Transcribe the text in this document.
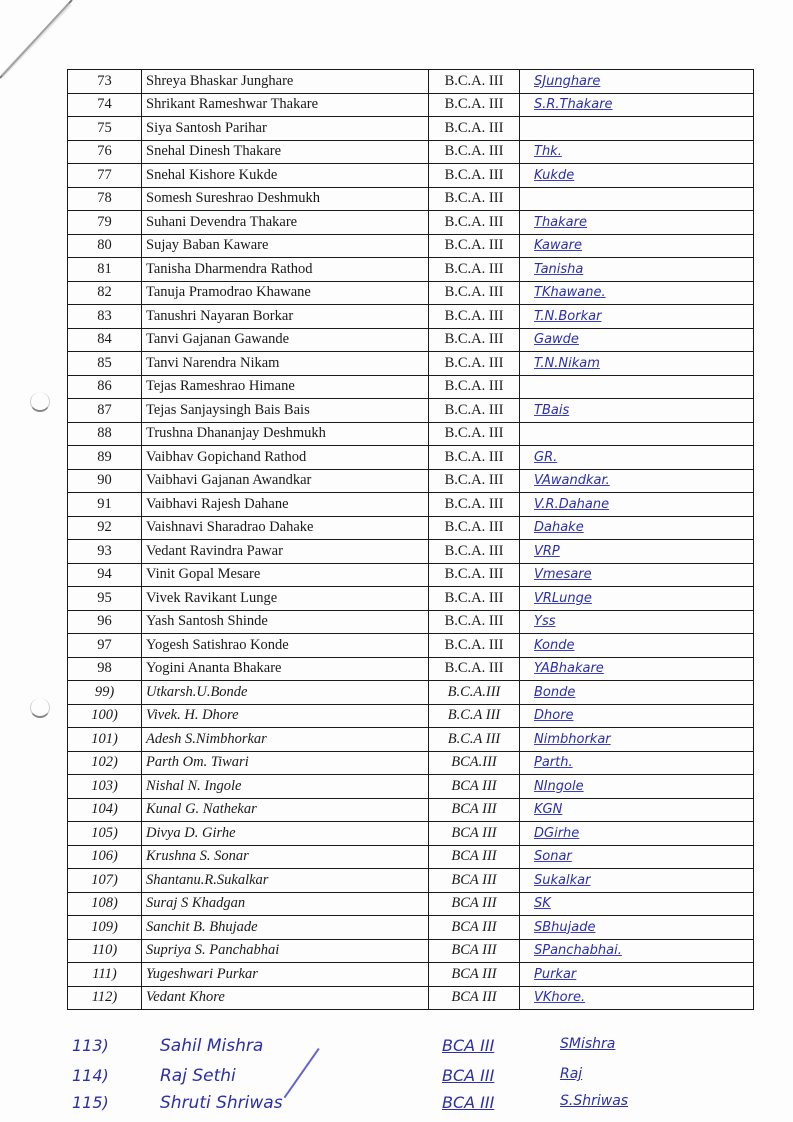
73	Shreya Bhaskar Junghare	B.C.A. III	SJunghare
74	Shrikant Rameshwar Thakare	B.C.A. III	S.R.Thakare
75	Siya Santosh Parihar	B.C.A. III	
76	Snehal Dinesh Thakare	B.C.A. III	Thk.
77	Snehal Kishore Kukde	B.C.A. III	Kukde
78	Somesh Sureshrao Deshmukh	B.C.A. III	
79	Suhani Devendra Thakare	B.C.A. III	Thakare
80	Sujay Baban Kaware	B.C.A. III	Kaware
81	Tanisha Dharmendra Rathod	B.C.A. III	Tanisha
82	Tanuja Pramodrao Khawane	B.C.A. III	TKhawane.
83	Tanushri Nayaran Borkar	B.C.A. III	T.N.Borkar
84	Tanvi Gajanan Gawande	B.C.A. III	Gawde
85	Tanvi Narendra Nikam	B.C.A. III	T.N.Nikam
86	Tejas Rameshrao Himane	B.C.A. III	
87	Tejas Sanjaysingh Bais Bais	B.C.A. III	TBais
88	Trushna Dhananjay Deshmukh	B.C.A. III	
89	Vaibhav Gopichand Rathod	B.C.A. III	GR.
90	Vaibhavi Gajanan Awandkar	B.C.A. III	VAwandkar.
91	Vaibhavi Rajesh Dahane	B.C.A. III	V.R.Dahane
92	Vaishnavi Sharadrao Dahake	B.C.A. III	Dahake
93	Vedant Ravindra Pawar	B.C.A. III	VRP
94	Vinit Gopal Mesare	B.C.A. III	Vmesare
95	Vivek Ravikant Lunge	B.C.A. III	VRLunge
96	Yash Santosh Shinde	B.C.A. III	Yss
97	Yogesh Satishrao Konde	B.C.A. III	Konde
98	Yogini Ananta Bhakare	B.C.A. III	YABhakare
99)	Utkarsh.U.Bonde	B.C.A.III	Bonde
100)	Vivek. H. Dhore	B.C.A III	Dhore
101)	Adesh S.Nimbhorkar	B.C.A III	Nimbhorkar
102)	Parth Om. Tiwari	BCA.III	Parth.
103)	Nishal N. Ingole	BCA III	NIngole
104)	Kunal G. Nathekar	BCA III	KGN
105)	Divya D. Girhe	BCA III	DGirhe
106)	Krushna S. Sonar	BCA III	Sonar
107)	Shantanu.R.Sukalkar	BCA III	Sukalkar
108)	Suraj S Khadgan	BCA III	SK
109)	Sanchit B. Bhujade	BCA III	SBhujade
110)	Supriya S. Panchabhai	BCA III	SPanchabhai.
111)	Yugeshwari Purkar	BCA III	Purkar
112)	Vedant Khore	BCA III	VKhore.
113)	Sahil Mishra	BCA III	SMishra
114)	Raj Sethi	BCA III	Raj
115)	Shruti Shriwas	BCA III	S.Shriwas
